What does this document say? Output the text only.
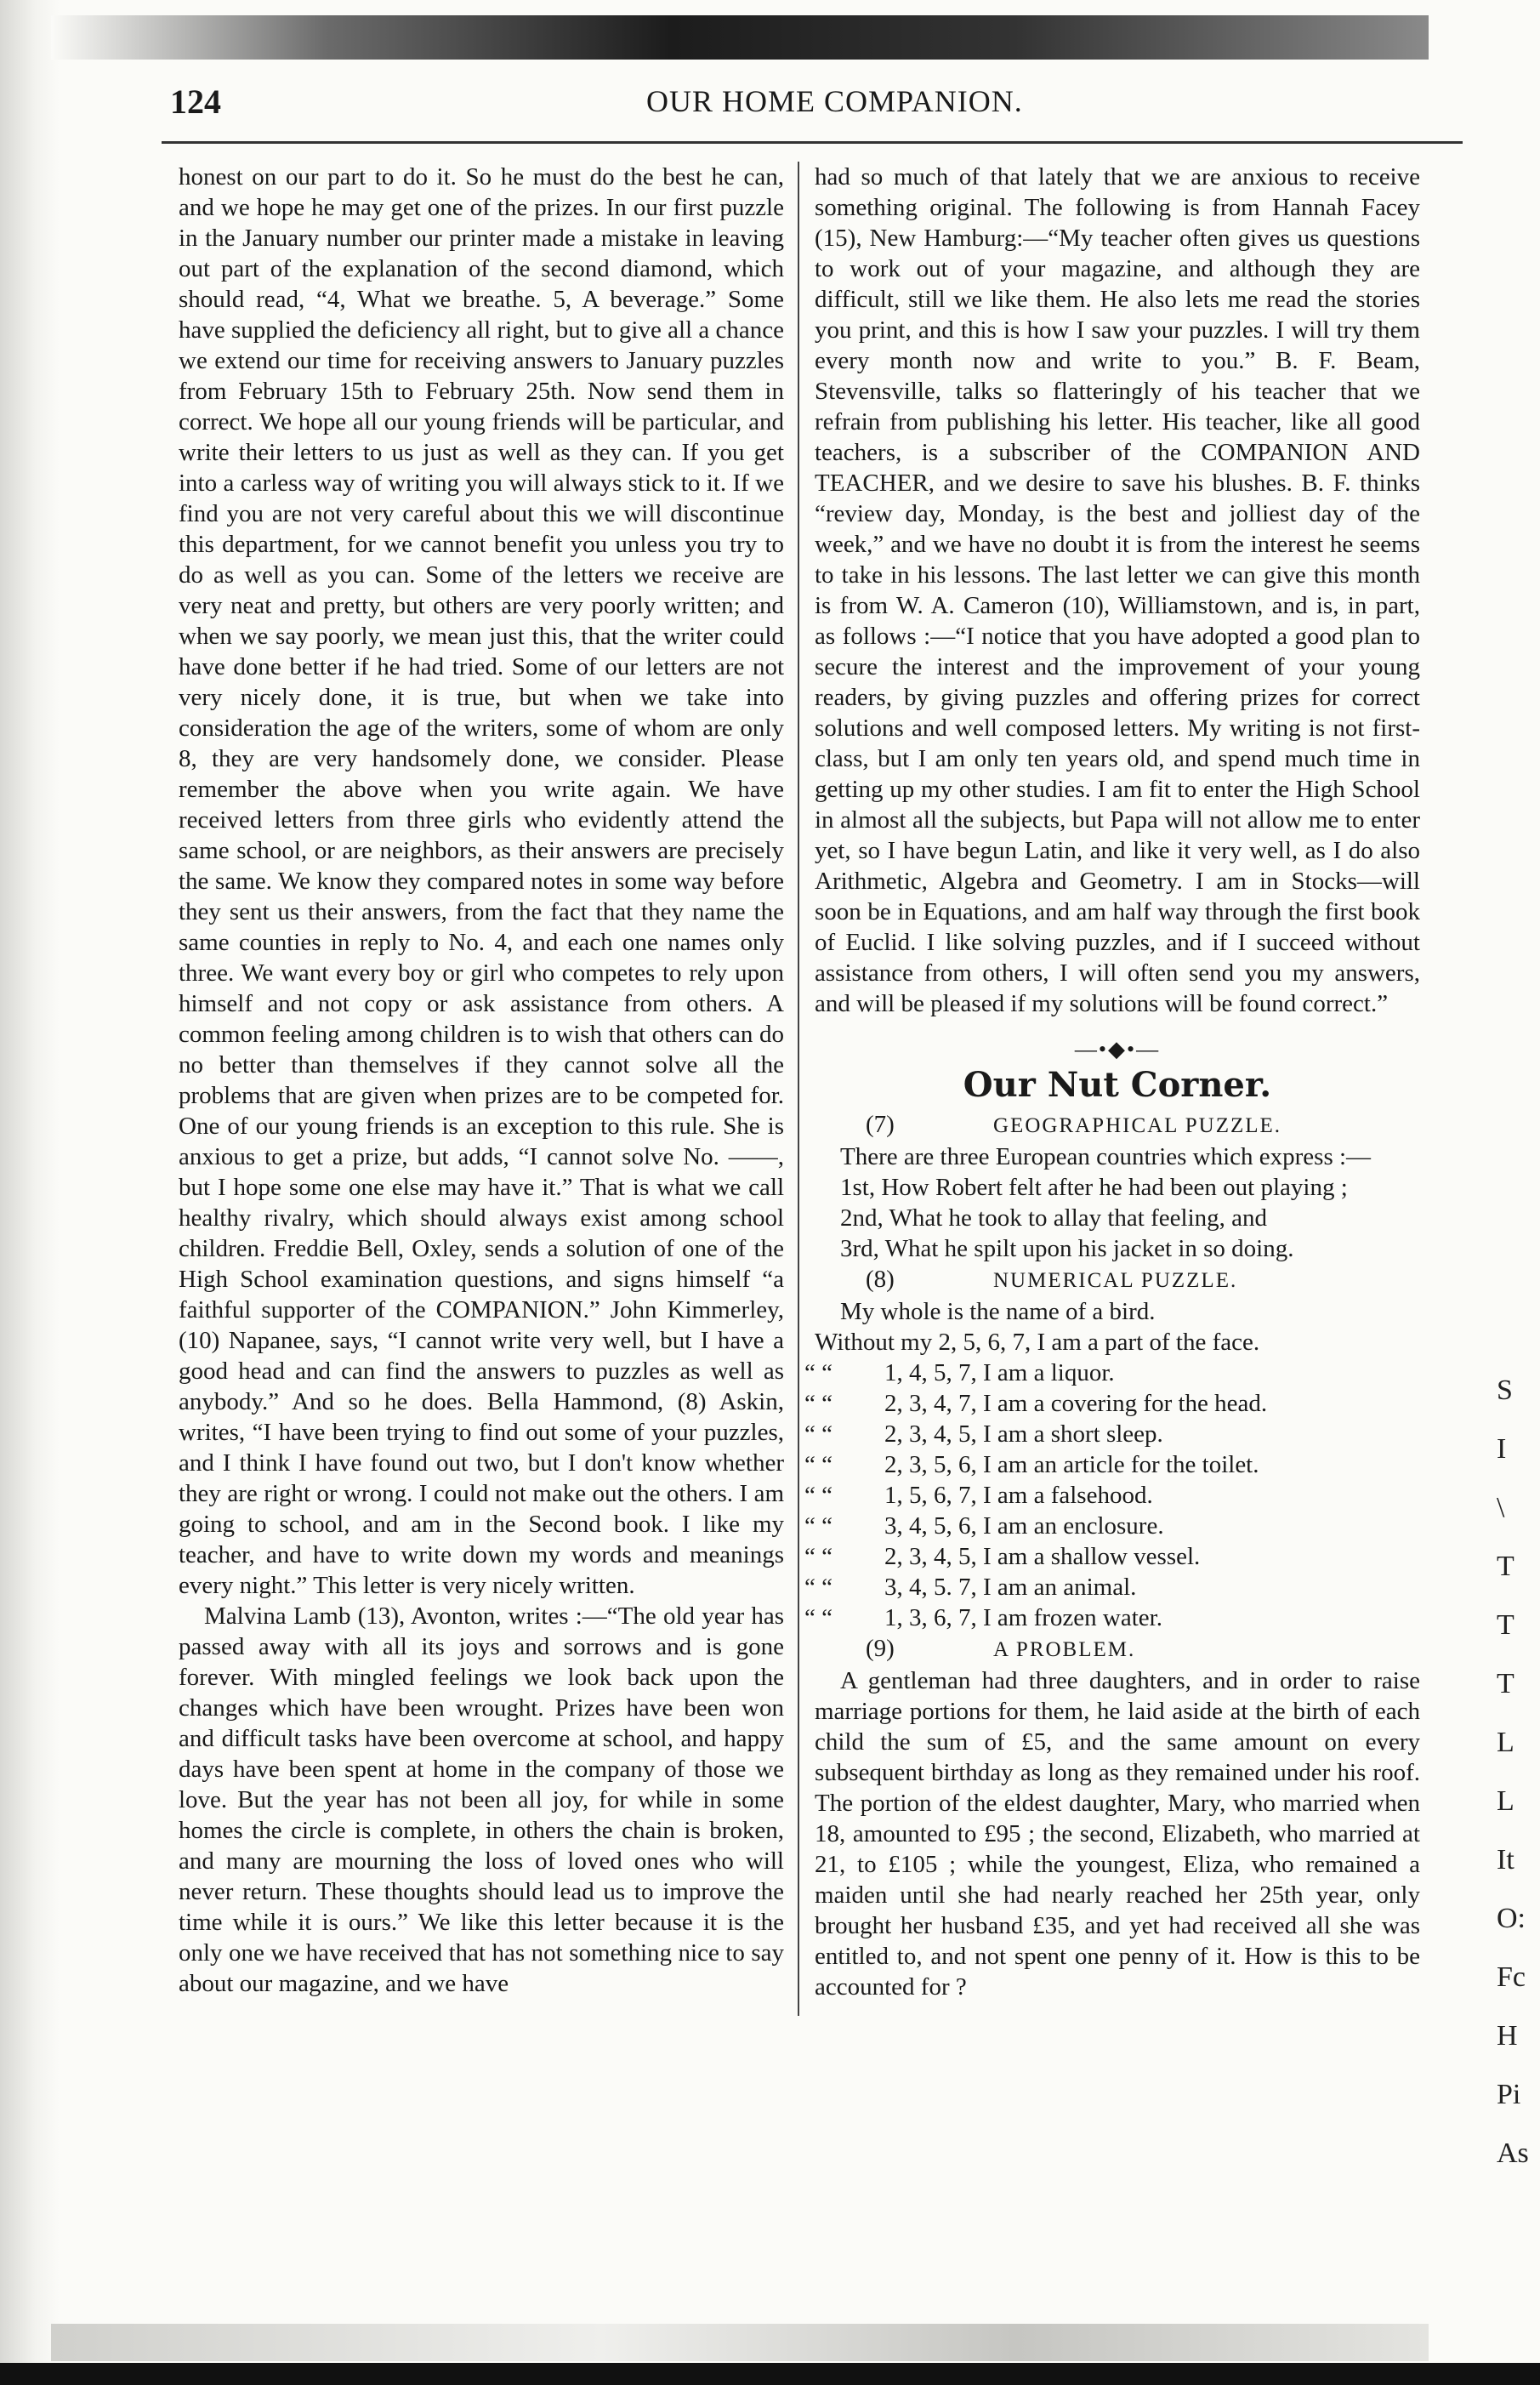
124	OUR HOME COMPANION.

honest on our part to do it. So he must do the best he can, and we hope he may get one of the prizes. In our first puzzle in the January number our printer made a mistake in leaving out part of the explanation of the second diamond, which should read, “4, What we breathe. 5, A beverage.” Some have supplied the deficiency all right, but to give all a chance we extend our time for receiving answers to January puzzles from February 15th to February 25th. Now send them in correct. We hope all our young friends will be particular, and write their letters to us just as well as they can. If you get into a carless way of writing you will always stick to it. If we find you are not very careful about this we will discontinue this department, for we cannot benefit you unless you try to do as well as you can. Some of the letters we receive are very neat and pretty, but others are very poorly written; and when we say poorly, we mean just this, that the writer could have done better if he had tried. Some of our letters are not very nicely done, it is true, but when we take into consideration the age of the writers, some of whom are only 8, they are very handsomely done, we consider. Please remember the above when you write again. We have received letters from three girls who evidently attend the same school, or are neighbors, as their answers are precisely the same. We know they compared notes in some way before they sent us their answers, from the fact that they name the same counties in reply to No. 4, and each one names only three. We want every boy or girl who competes to rely upon himself and not copy or ask assistance from others. A common feeling among children is to wish that others can do no better than themselves if they cannot solve all the problems that are given when prizes are to be competed for. One of our young friends is an exception to this rule. She is anxious to get a prize, but adds, “I cannot solve No. ——, but I hope some one else may have it.” That is what we call healthy rivalry, which should always exist among school children. Freddie Bell, Oxley, sends a solution of one of the High School examination questions, and signs himself “a faithful supporter of the COMPANION.” John Kimmerley, (10) Napanee, says, “I cannot write very well, but I have a good head and can find the answers to puzzles as well as anybody.” And so he does. Bella Hammond, (8) Askin, writes, “I have been trying to find out some of your puzzles, and I think I have found out two, but I don't know whether they are right or wrong. I could not make out the others. I am going to school, and am in the Second book. I like my teacher, and have to write down my words and meanings every night.” This letter is very nicely written.

Malvina Lamb (13), Avonton, writes :—“The old year has passed away with all its joys and sorrows and is gone forever. With mingled feelings we look back upon the changes which have been wrought. Prizes have been won and difficult tasks have been overcome at school, and happy days have been spent at home in the company of those we love. But the year has not been all joy, for while in some homes the circle is complete, in others the chain is broken, and many are mourning the loss of loved ones who will never return. These thoughts should lead us to improve the time while it is ours.” We like this letter because it is the only one we have received that has not something nice to say about our magazine, and we have

had so much of that lately that we are anxious to receive something original. The following is from Hannah Facey (15), New Hamburg:—“My teacher often gives us questions to work out of your magazine, and although they are difficult, still we like them. He also lets me read the stories you print, and this is how I saw your puzzles. I will try them every month now and write to you.” B. F. Beam, Stevensville, talks so flatteringly of his teacher that we refrain from publishing his letter. His teacher, like all good teachers, is a subscriber of the COMPANION AND TEACHER, and we desire to save his blushes. B. F. thinks “review day, Monday, is the best and jolliest day of the week,” and we have no doubt it is from the interest he seems to take in his lessons. The last letter we can give this month is from W. A. Cameron (10), Williamstown, and is, in part, as follows :—“I notice that you have adopted a good plan to secure the interest and the improvement of your young readers, by giving puzzles and offering prizes for correct solutions and well composed letters. My writing is not first-class, but I am only ten years old, and spend much time in getting up my other studies. I am fit to enter the High School in almost all the subjects, but Papa will not allow me to enter yet, so I have begun Latin, and like it very well, as I do also Arithmetic, Algebra and Geometry. I am in Stocks—will soon be in Equations, and am half way through the first book of Euclid. I like solving puzzles, and if I succeed without assistance from others, I will often send you my answers, and will be pleased if my solutions will be found correct.”

—•◆•—
Our Nut Corner.

(7)	GEOGRAPHICAL PUZZLE.

There are three European countries which express :—

1st, How Robert felt after he had been out playing ;

2nd, What he took to allay that feeling, and

3rd, What he spilt upon his jacket in so doing.

(8)	NUMERICAL PUZZLE.

My whole is the name of a bird.

Without my 2, 5, 6, 7, I am a part of the face.

“ “ 1, 4, 5, 7, I am a liquor.

“ “ 2, 3, 4, 7, I am a covering for the head.

“ “ 2, 3, 4, 5, I am a short sleep.

“ “ 2, 3, 5, 6, I am an article for the toilet.

“ “ 1, 5, 6, 7, I am a falsehood.

“ “ 3, 4, 5, 6, I am an enclosure.

“ “ 2, 3, 4, 5, I am a shallow vessel.

“ “ 3, 4, 5. 7, I am an animal.

“ “ 1, 3, 6, 7, I am frozen water.

(9)	A PROBLEM.

A gentleman had three daughters, and in order to raise marriage portions for them, he laid aside at the birth of each child the sum of £5, and the same amount on every subsequent birthday as long as they remained under his roof. The portion of the eldest daughter, Mary, who married when 18, amounted to £95 ; the second, Elizabeth, who married at 21, to £105 ; while the youngest, Eliza, who remained a maiden until she had nearly reached her 25th year, only brought her husband £35, and yet had received all she was entitled to, and not spent one penny of it. How is this to be accounted for ?

S
I
\
T
T
T
L
L
It
O:
Fc
H
Pi
As
